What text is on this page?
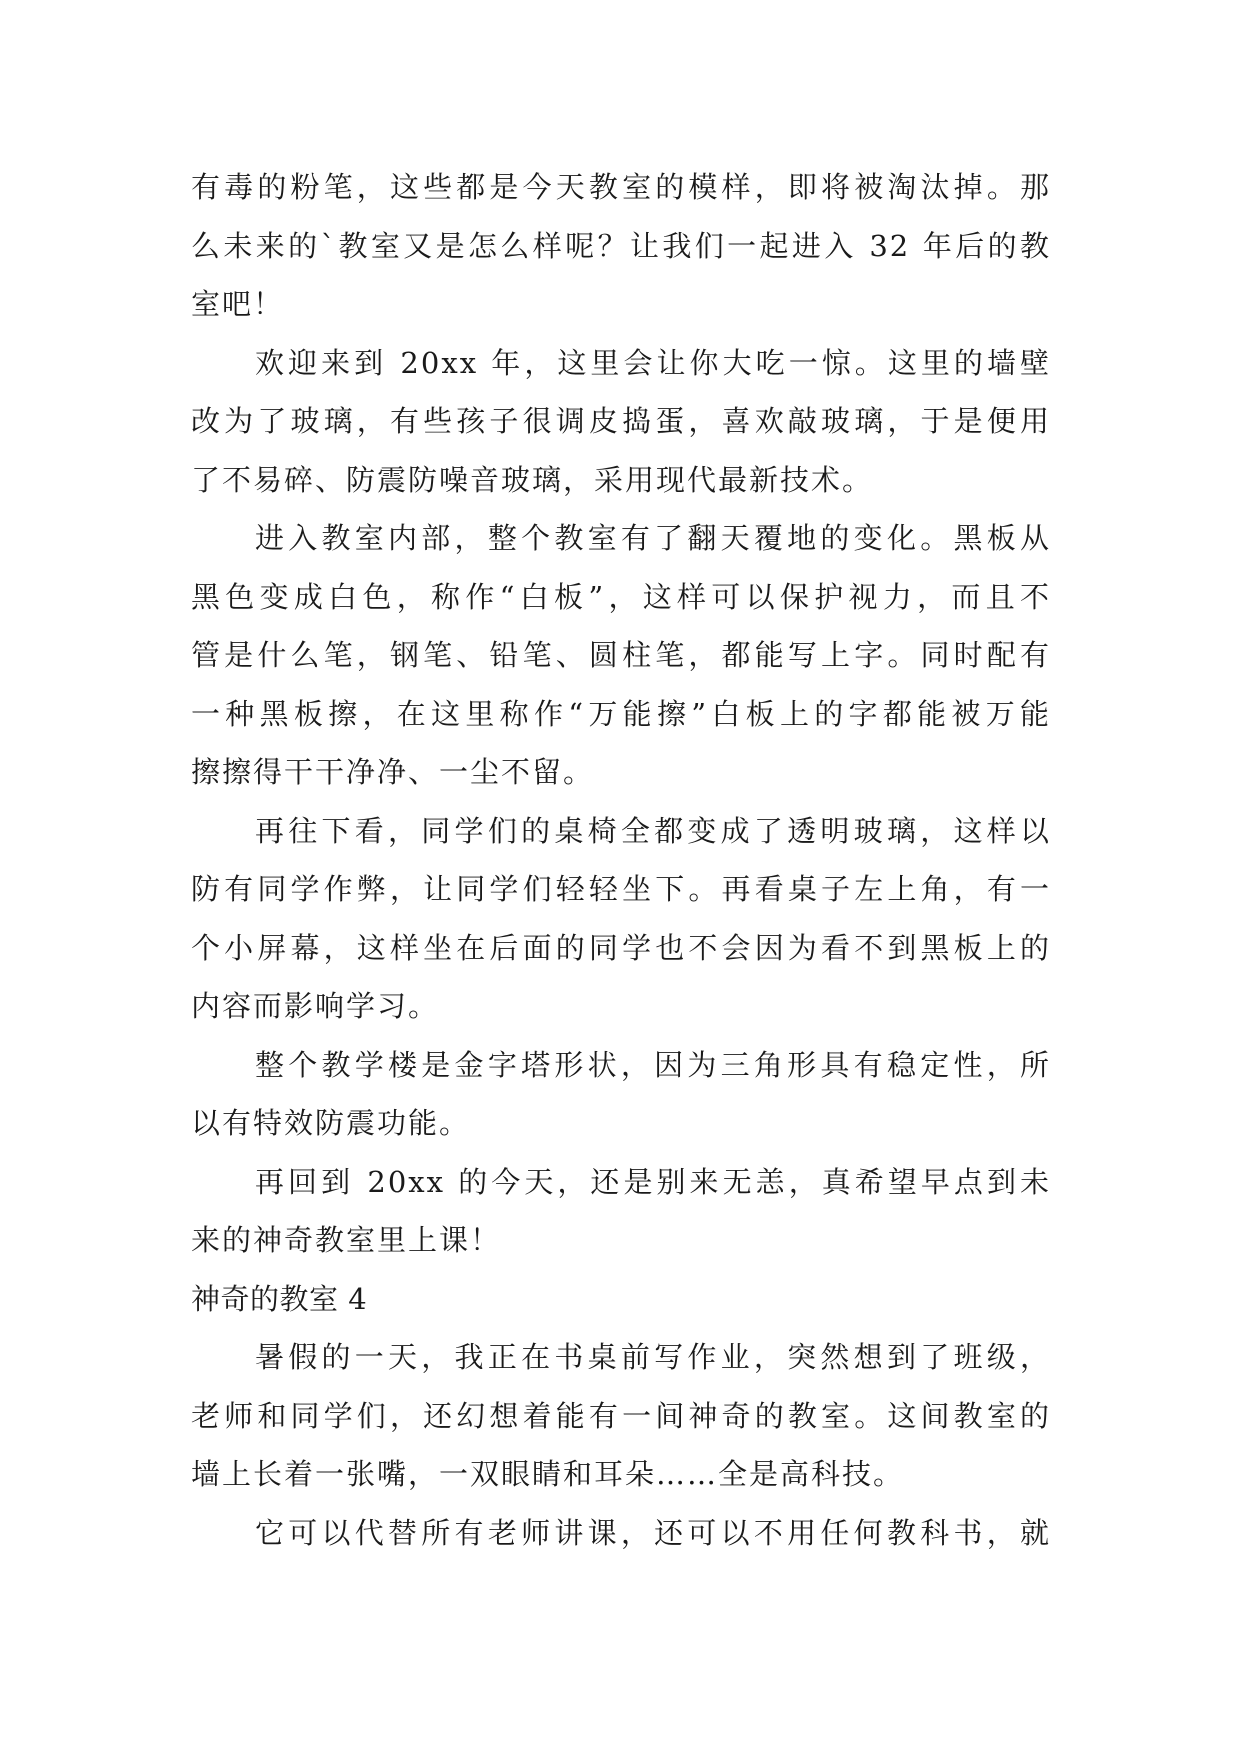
有毒的粉笔，这些都是今天教室的模样，即将被淘汰掉。那
么未来的`教室又是怎么样呢？让我们一起进入 32 年后的教
室吧！
欢迎来到 20xx 年，这里会让你大吃一惊。这里的墙壁
改为了玻璃，有些孩子很调皮捣蛋，喜欢敲玻璃，于是便用
了不易碎、防震防噪音玻璃，采用现代最新技术。
进入教室内部，整个教室有了翻天覆地的变化。黑板从
黑色变成白色，称作“白板”，这样可以保护视力，而且不
管是什么笔，钢笔、铅笔、圆柱笔，都能写上字。同时配有
一种黑板擦，在这里称作“万能擦”白板上的字都能被万能
擦擦得干干净净、一尘不留。
再往下看，同学们的桌椅全都变成了透明玻璃，这样以
防有同学作弊，让同学们轻轻坐下。再看桌子左上角，有一
个小屏幕，这样坐在后面的同学也不会因为看不到黑板上的
内容而影响学习。
整个教学楼是金字塔形状，因为三角形具有稳定性，所
以有特效防震功能。
再回到 20xx 的今天，还是别来无恙，真希望早点到未
来的神奇教室里上课！
神奇的教室 4
暑假的一天，我正在书桌前写作业，突然想到了班级，
老师和同学们，还幻想着能有一间神奇的教室。这间教室的
墙上长着一张嘴，一双眼睛和耳朵……全是高科技。
它可以代替所有老师讲课，还可以不用任何教科书，就
